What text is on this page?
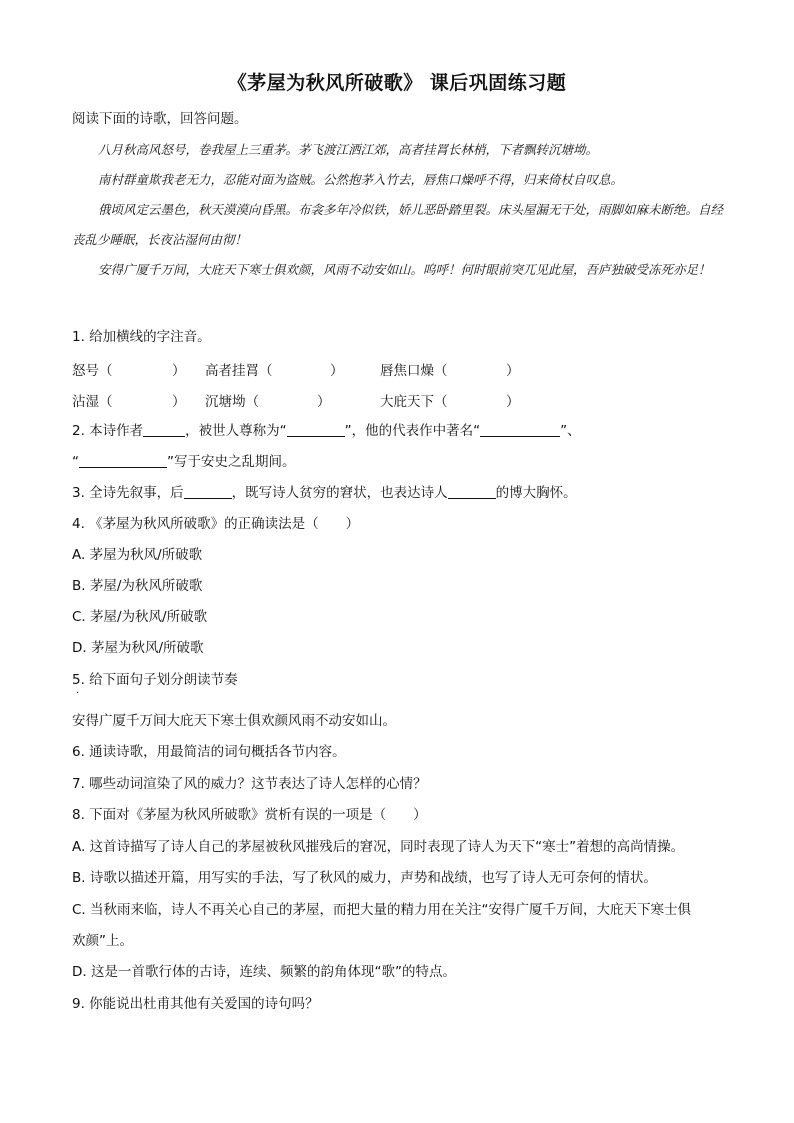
《茅屋为秋风所破歌》 课后巩固练习题
阅读下面的诗歌，回答问题。

八月秋高风怒号，卷我屋上三重茅。茅飞渡江洒江郊，高者挂罥长林梢，下者飘转沉塘坳。

南村群童欺我老无力，忍能对面为盗贼。公然抱茅入竹去，唇焦口燥呼不得，归来倚杖自叹息。

俄顷风定云墨色，秋天漠漠向昏黑。布衾多年冷似铁，娇儿恶卧踏里裂。床头屋漏无干处，雨脚如麻未断绝。自经丧乱少睡眠，长夜沾湿何由彻！

安得广厦千万间，大庇天下寒士俱欢颜，风雨不动安如山。呜呼！何时眼前突兀见此屋，吾庐独破受冻死亦足！

1. 给加横线的字注音。
怒号（	） 高者挂罥（	）	唇焦口燥（	）
沾湿（	） 沉塘坳（	）	大庇天下（	）
2. 本诗作者	，被世人尊称为“	”，他的代表作中著名“	”、
“	”写于安史之乱期间。
3. 全诗先叙事，后	，既写诗人贫穷的窘状，也表达诗人	的博大胸怀。
4. 《茅屋为秋风所破歌》的正确读法是（　　）
A. 茅屋为秋风/所破歌
B. 茅屋/为秋风所破歌
C. 茅屋/为秋风/所破歌
D. 茅屋为秋风/所破歌
5. 给下面句子划分朗读节奏
·
安得广厦千万间大庇天下寒士俱欢颜风雨不动安如山。
6. 通读诗歌，用最简洁的词句概括各节内容。
7. 哪些动词渲染了风的威力？这节表达了诗人怎样的心情？
8. 下面对《茅屋为秋风所破歌》赏析有误的一项是（　　）
A. 这首诗描写了诗人自己的茅屋被秋风摧残后的窘况，同时表现了诗人为天下“寒士”着想的高尚情操。
B. 诗歌以描述开篇，用写实的手法，写了秋风的威力，声势和战绩，也写了诗人无可奈何的情状。
C. 当秋雨来临，诗人不再关心自己的茅屋，而把大量的精力用在关注“安得广厦千万间，大庇天下寒士俱
欢颜”上。
D. 这是一首歌行体的古诗，连续、频繁的韵角体现“歌”的特点。
9. 你能说出杜甫其他有关爱国的诗句吗？
